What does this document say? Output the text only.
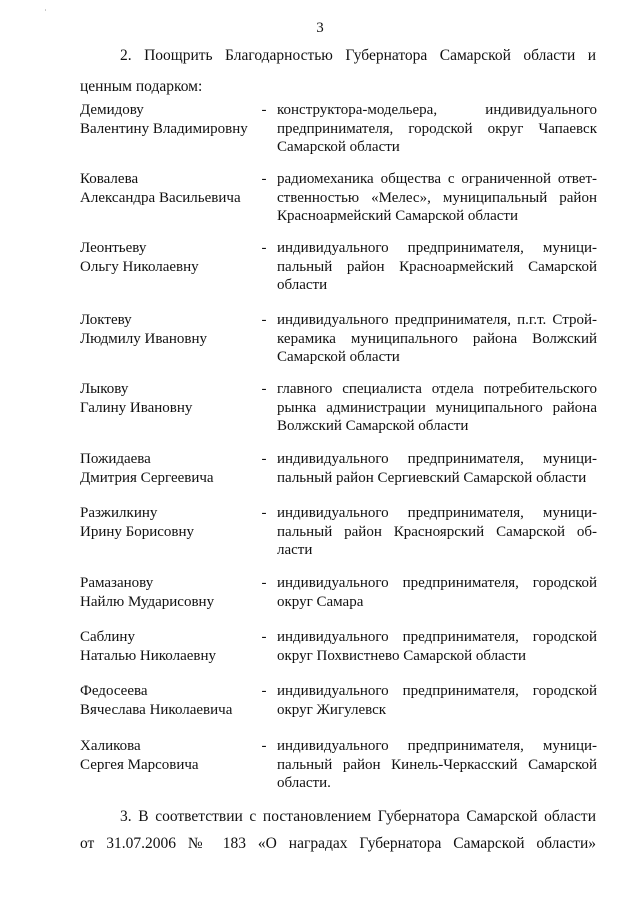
˙
3
2. Поощрить Благодарностью Губернатора Самарской области и
ценным подарком:
Демидову
Валентину Владимировну
- конструктора-модельера, индивидуального
предпринимателя, городской округ Чапаевск
Самарской области
Ковалева
Александра Васильевича
- радиомеханика общества с ограниченной ответ-
ственностью «Мелес», муниципальный район
Красноармейский Самарской области
Леонтьеву
Ольгу Николаевну
- индивидуального предпринимателя, муници-
пальный район Красноармейский Самарской
области
Локтеву
Людмилу Ивановну
- индивидуального предпринимателя, п.г.т. Строй-
керамика муниципального района Волжский
Самарской области
Лыкову
Галину Ивановну
- главного специалиста отдела потребительского
рынка администрации муниципального района
Волжский Самарской области
Пожидаева
Дмитрия Сергеевича
- индивидуального предпринимателя, муници-
пальный район Сергиевский Самарской области
Разжилкину
Ирину Борисовну
- индивидуального предпринимателя, муници-
пальный район Красноярский Самарской об-
ласти
Рамазанову
Найлю Мударисовну
- индивидуального предпринимателя, городской
округ Самара
Саблину
Наталью Николаевну
- индивидуального предпринимателя, городской
округ Похвистнево Самарской области
Федосеева
Вячеслава Николаевича
- индивидуального предпринимателя, городской
округ Жигулевск
Халикова
Сергея Марсовича
- индивидуального предпринимателя, муници-
пальный район Кинель-Черкасский Самарской
области.
3. В соответствии с постановлением Губернатора Самарской области
от 31.07.2006 № 183 «О наградах Губернатора Самарской области»
